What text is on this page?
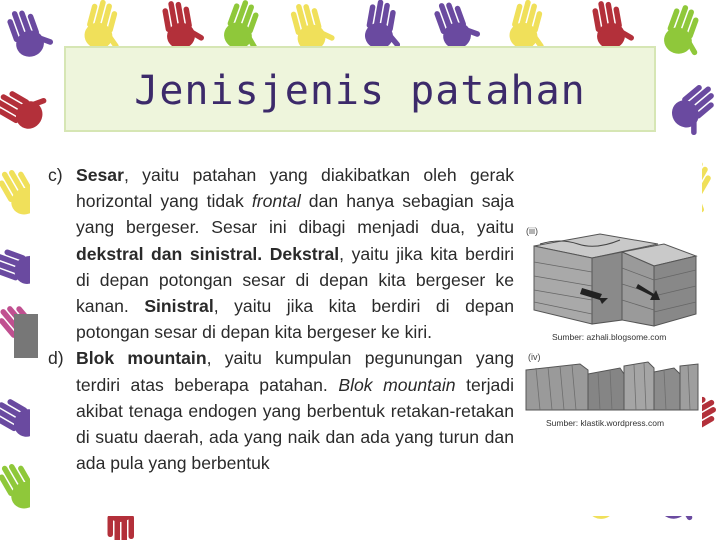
Jenisjenis patahan

c) Sesar, yaitu patahan yang diakibatkan oleh gerak horizontal yang tidak frontal dan hanya sebagian saja yang bergeser. Sesar ini dibagi menjadi dua, yaitu dekstral dan sinistral. Dekstral, yaitu jika kita berdiri di depan potongan sesar di depan kita bergeser ke kanan. Sinistral, yaitu jika kita berdiri di depan potongan sesar di depan kita bergeser ke kiri.

d) Blok mountain, yaitu kumpulan pegunungan yang terdiri atas beberapa patahan. Blok mountain terjadi akibat tenaga endogen yang berbentuk retakan-retakan di suatu daerah, ada yang naik dan ada yang turun dan ada pula yang berbentuk

(iii)
Sumber: azhali.blogsome.com
(iv)
Sumber: klastik.wordpress.com
